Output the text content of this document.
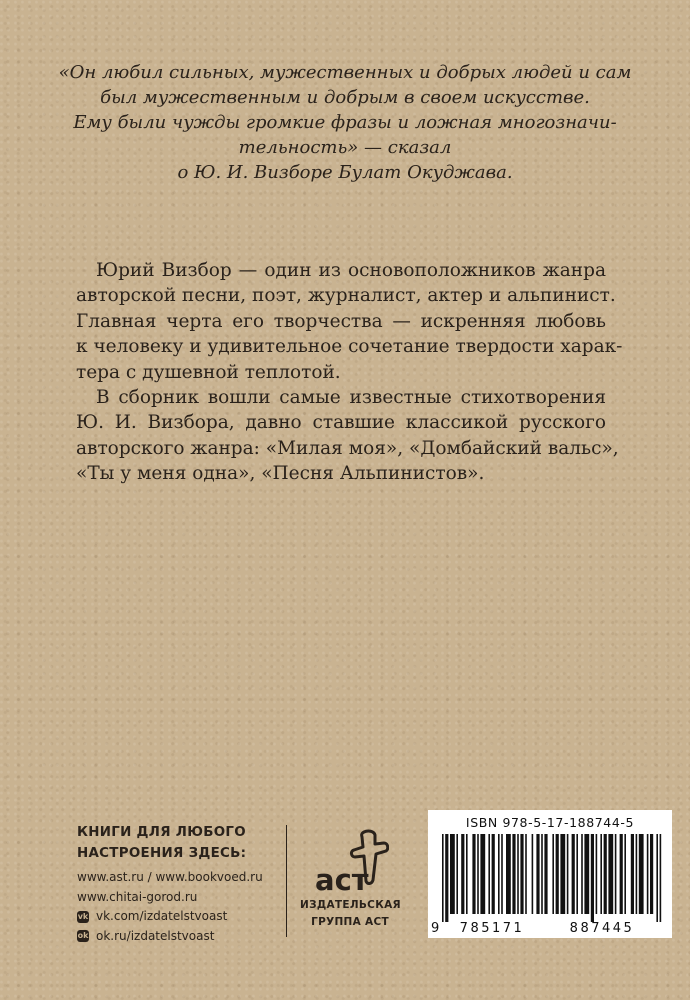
«Он любил сильных, мужественных и добрых людей и сам
был мужественным и добрым в своем искусстве.
Ему были чужды громкие фразы и ложная многозначи-
тельность» — сказал
о Ю. И. Визборе Булат Окуджава.
Юрий Визбор — один из основоположников жанра
авторской песни, поэт, журналист, актер и альпинист.
Главная черта его творчества — искренняя любовь
к человеку и удивительное сочетание твердости харак-
тера с душевной теплотой.
В сборник вошли самые известные стихотворения
Ю. И. Визбора, давно ставшие классикой русского
авторского жанра: «Милая моя», «Домбайский вальс»,
«Ты у меня одна», «Песня Альпинистов».
КНИГИ ДЛЯ ЛЮБОГО
НАСТРОЕНИЯ ЗДЕСЬ:
www.ast.ru / www.bookvoed.ru
www.chitai-gorod.ru
vk vk.com/izdatelstvoast
ok ok.ru/izdatelstvoast
аст
ИЗДАТЕЛЬСКАЯ
ГРУППА АСТ
ISBN 978-5-17-188744-5
9 785171	887445
